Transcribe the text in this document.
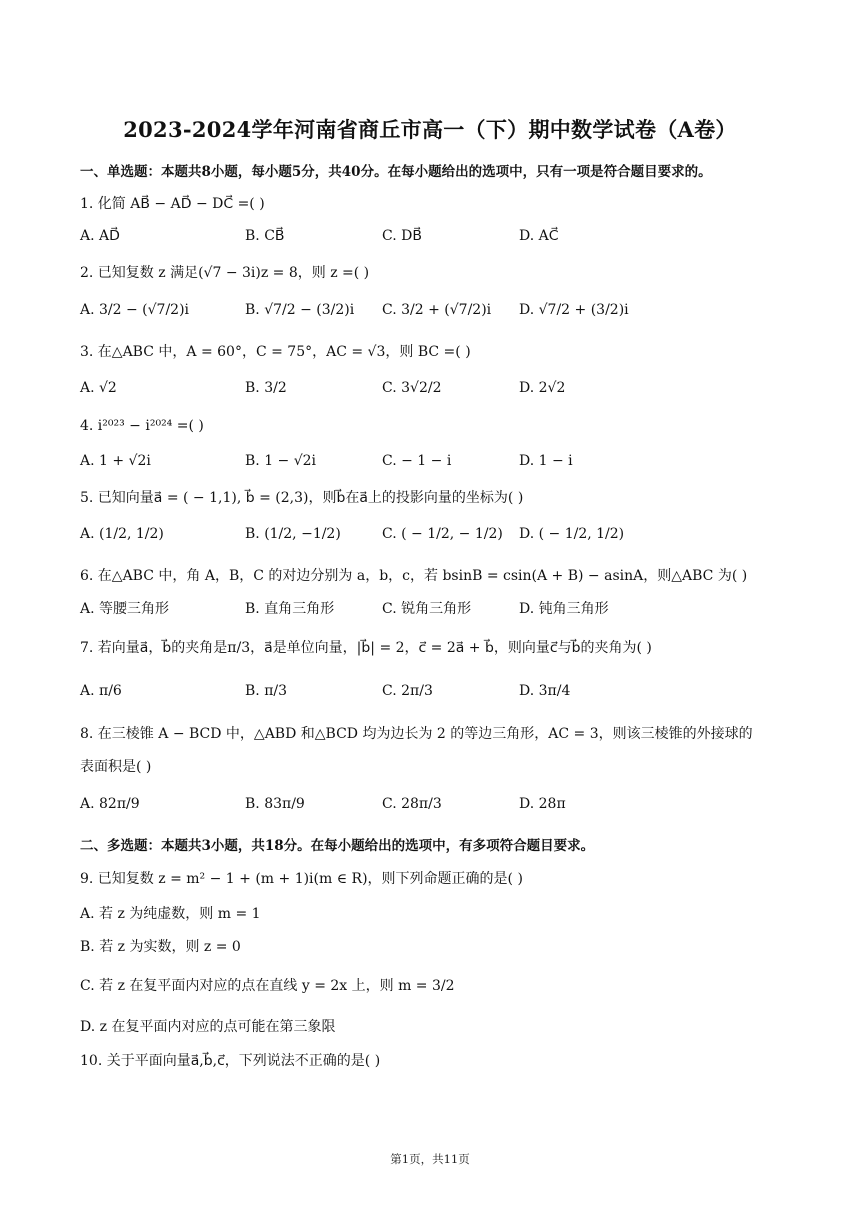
2023-2024学年河南省商丘市高一（下）期中数学试卷（A卷）
一、单选题：本题共8小题，每小题5分，共40分。在每小题给出的选项中，只有一项是符合题目要求的。
1. 化简 AB⃗ − AD⃗ − DC⃗ =( )
A. AD⃗	B. CB⃗	C. DB⃗	D. AC⃗
2. 已知复数 z 满足(√7 − 3i)z = 8，则 z =( )
A. 3/2 − (√7/2)i	B. √7/2 − (3/2)i C. 3/2 + (√7/2)i D. √7/2 + (3/2)i
3. 在△ABC 中，A = 60°，C = 75°，AC = √3，则 BC =( )
A. √2	B. 3/2	C. 3√2/2	D. 2√2
4. i²⁰²³ − i²⁰²⁴ =( )
A. 1 + √2i	B. 1 − √2i	C. − 1 − i	D. 1 − i
5. 已知向量a⃗ = ( − 1,1), b⃗ = (2,3)，则b⃗在a⃗上的投影向量的坐标为( )
A. (1/2, 1/2)	B. (1/2, −1/2)	C. ( − 1/2, − 1/2) D. ( − 1/2, 1/2)
6. 在△ABC 中，角 A，B，C 的对边分别为 a，b，c，若 bsinB = csin(A + B) − asinA，则△ABC 为( )
A. 等腰三角形	B. 直角三角形	C. 锐角三角形	D. 钝角三角形
7. 若向量a⃗，b⃗的夹角是π/3，a⃗是单位向量，|b⃗| = 2，c⃗ = 2a⃗ + b⃗，则向量c⃗与b⃗的夹角为( )
A. π/6	B. π/3	C. 2π/3	D. 3π/4
8. 在三棱锥 A − BCD 中，△ABD 和△BCD 均为边长为 2 的等边三角形，AC = 3，则该三棱锥的外接球的
表面积是( )
A. 82π/9	B. 83π/9	C. 28π/3	D. 28π
二、多选题：本题共3小题，共18分。在每小题给出的选项中，有多项符合题目要求。
9. 已知复数 z = m² − 1 + (m + 1)i(m ∈ R)，则下列命题正确的是( )
A. 若 z 为纯虚数，则 m = 1
B. 若 z 为实数，则 z = 0
C. 若 z 在复平面内对应的点在直线 y = 2x 上，则 m = 3/2
D. z 在复平面内对应的点可能在第三象限
10. 关于平面向量a⃗,b⃗,c⃗，下列说法不正确的是( )
第1页，共11页
